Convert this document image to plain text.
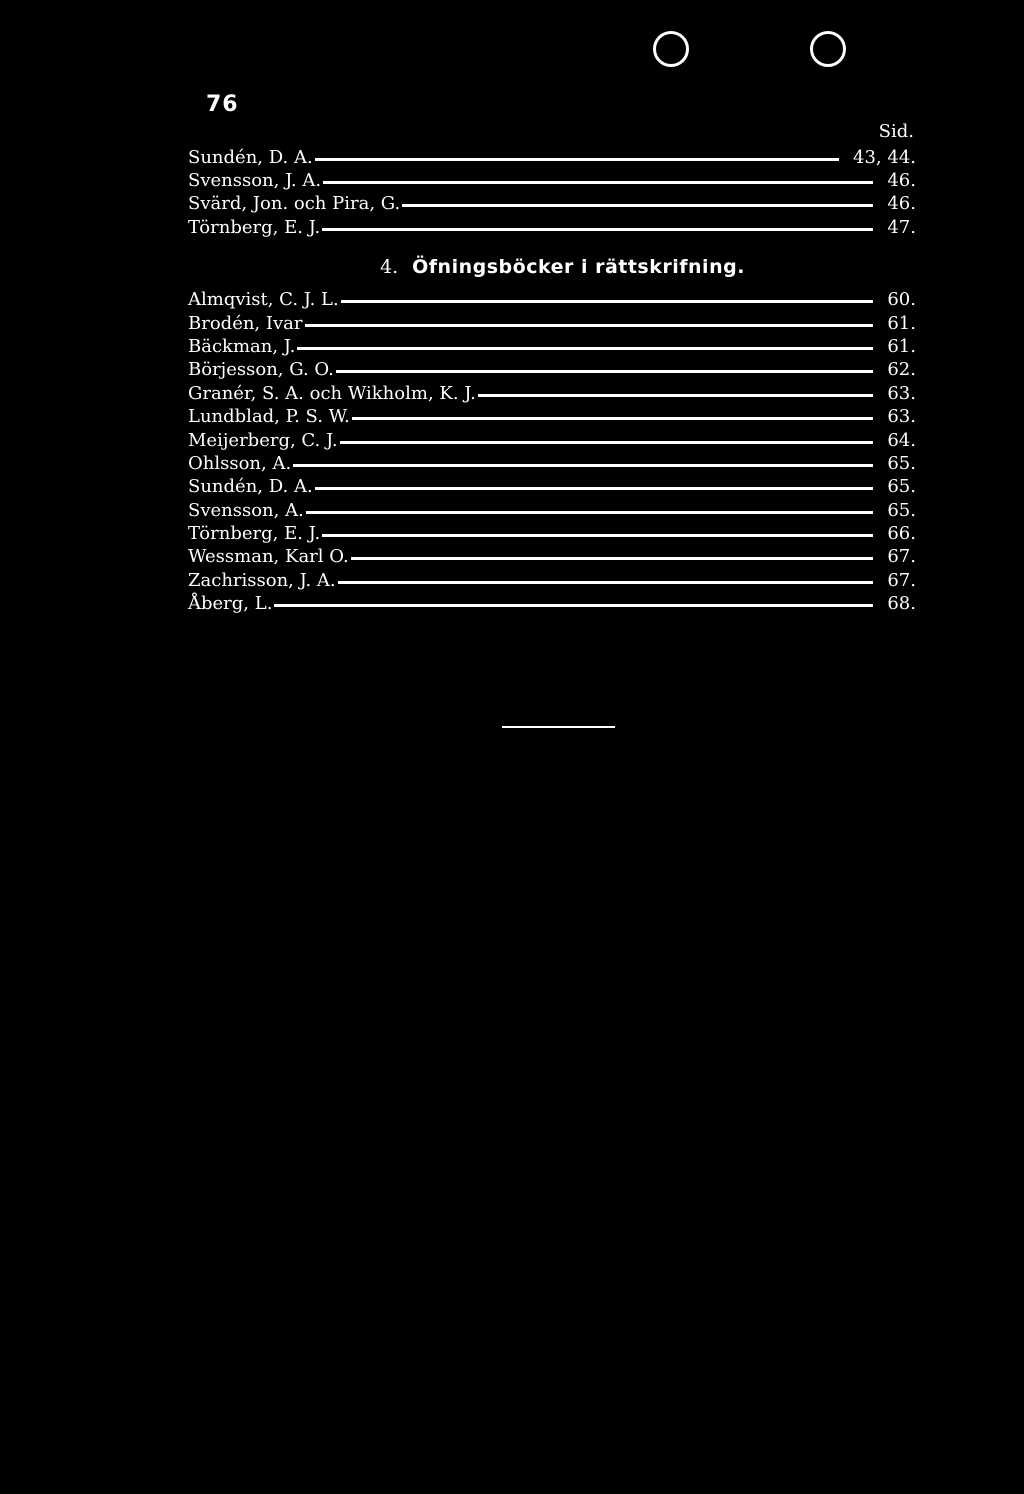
76
Sid.
Sundén, D. A.	43, 44.
Svensson, J. A.	46.
Svärd, Jon. och Pira, G.	46.
Törnberg, E. J.	47.
4. Öfningsböcker i rättskrifning.
Almqvist, C. J. L.	60.
Brodén, Ivar	61.
Bäckman, J.	61.
Börjesson, G. O.	62.
Granér, S. A. och Wikholm, K. J.	63.
Lundblad, P. S. W.	63.
Meijerberg, C. J.	64.
Ohlsson, A.	65.
Sundén, D. A.	65.
Svensson, A.	65.
Törnberg, E. J.	66.
Wessman, Karl O.	67.
Zachrisson, J. A.	67.
Åberg, L.	68.
